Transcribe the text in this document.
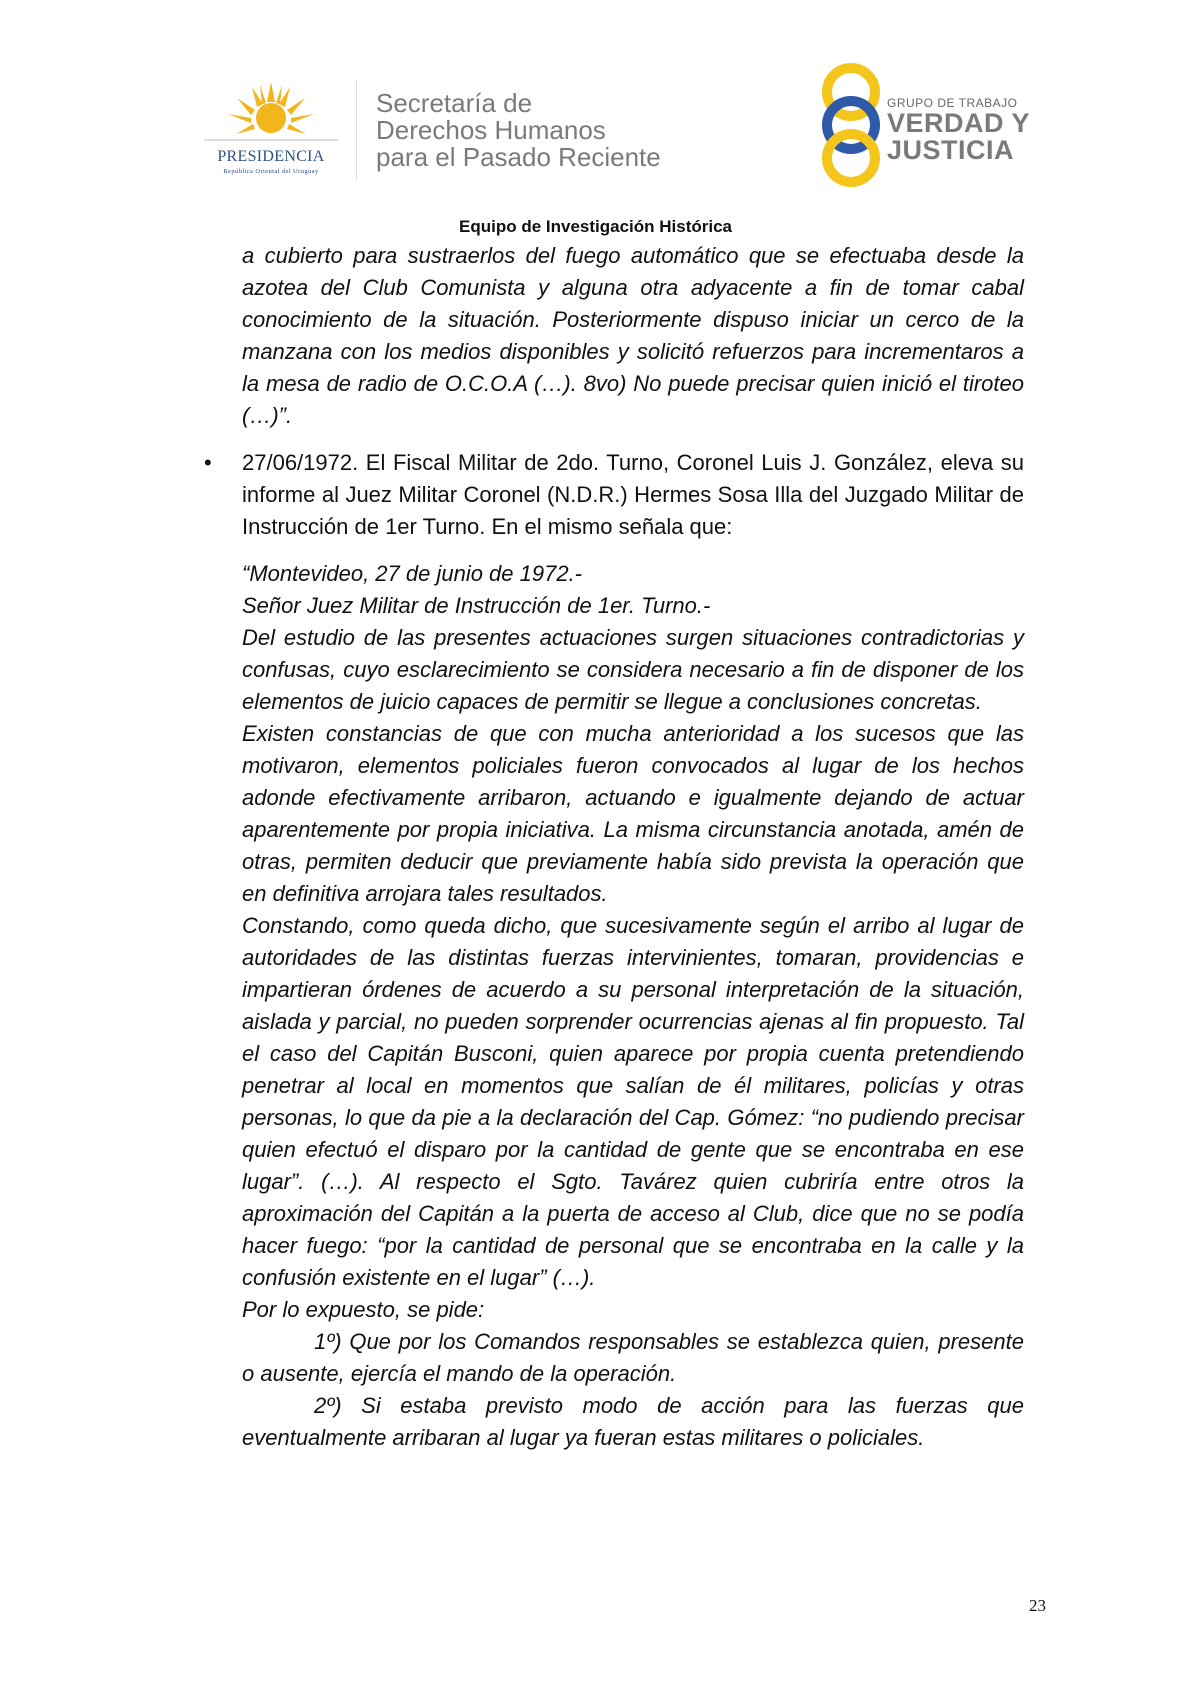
PRESIDENCIA
República Oriental del Uruguay
Secretaría de
Derechos Humanos
para el Pasado Reciente
GRUPO DE TRABAJO
VERDAD Y
JUSTICIA
Equipo de Investigación Histórica

a cubierto para sustraerlos del fuego automático que se efectuaba desde la azotea del Club Comunista y alguna otra adyacente a fin de tomar cabal conocimiento de la situación. Posteriormente dispuso iniciar un cerco de la manzana con los medios disponibles y solicitó refuerzos para incrementaros a la mesa de radio de O.C.O.A (…). 8vo) No puede precisar quien inició el tiroteo (…)”.

• 27/06/1972. El Fiscal Militar de 2do. Turno, Coronel Luis J. González, eleva su informe al Juez Militar Coronel (N.D.R.) Hermes Sosa Illa del Juzgado Militar de Instrucción de 1er Turno. En el mismo señala que:

“Montevideo, 27 de junio de 1972.-

Señor Juez Militar de Instrucción de 1er. Turno.-

Del estudio de las presentes actuaciones surgen situaciones contradictorias y confusas, cuyo esclarecimiento se considera necesario a fin de disponer de los elementos de juicio capaces de permitir se llegue a conclusiones concretas.

Existen constancias de que con mucha anterioridad a los sucesos que las motivaron, elementos policiales fueron convocados al lugar de los hechos adonde efectivamente arribaron, actuando e igualmente dejando de actuar aparentemente por propia iniciativa. La misma circunstancia anotada, amén de otras, permiten deducir que previamente había sido prevista la operación que en definitiva arrojara tales resultados.

Constando, como queda dicho, que sucesivamente según el arribo al lugar de autoridades de las distintas fuerzas intervinientes, tomaran, providencias e impartieran órdenes de acuerdo a su personal interpretación de la situación, aislada y parcial, no pueden sorprender ocurrencias ajenas al fin propuesto. Tal el caso del Capitán Busconi, quien aparece por propia cuenta pretendiendo penetrar al local en momentos que salían de él militares, policías y otras personas, lo que da pie a la declaración del Cap. Gómez: “no pudiendo precisar quien efectuó el disparo por la cantidad de gente que se encontraba en ese lugar”. (…). Al respecto el Sgto. Tavárez quien cubriría entre otros la aproximación del Capitán a la puerta de acceso al Club, dice que no se podía hacer fuego: “por la cantidad de personal que se encontraba en la calle y la confusión existente en el lugar” (…).

Por lo expuesto, se pide:

1º) Que por los Comandos responsables se establezca quien, presente o ausente, ejercía el mando de la operación.

2º) Si estaba previsto modo de acción para las fuerzas que eventualmente arribaran al lugar ya fueran estas militares o policiales.

23
